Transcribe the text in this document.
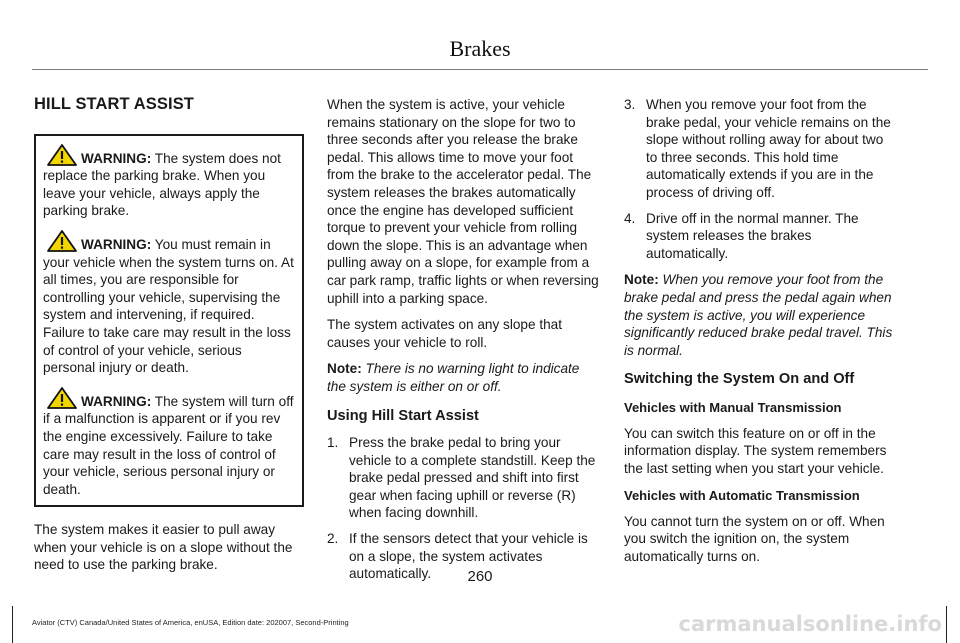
Brakes
HILL START ASSIST
WARNING: The system does not replace the parking brake. When you leave your vehicle, always apply the parking brake.
WARNING: You must remain in your vehicle when the system turns on. At all times, you are responsible for controlling your vehicle, supervising the system and intervening, if required. Failure to take care may result in the loss of control of your vehicle, serious personal injury or death.
WARNING: The system will turn off if a malfunction is apparent or if you rev the engine excessively. Failure to take care may result in the loss of control of your vehicle, serious personal injury or death.

The system makes it easier to pull away when your vehicle is on a slope without the need to use the parking brake.

When the system is active, your vehicle remains stationary on the slope for two to three seconds after you release the brake pedal. This allows time to move your foot from the brake to the accelerator pedal. The system releases the brakes automatically once the engine has developed sufficient torque to prevent your vehicle from rolling down the slope. This is an advantage when pulling away on a slope, for example from a car park ramp, traffic lights or when reversing uphill into a parking space.

The system activates on any slope that causes your vehicle to roll.

Note: There is no warning light to indicate the system is either on or off.

Using Hill Start Assist
1. Press the brake pedal to bring your vehicle to a complete standstill. Keep the brake pedal pressed and shift into first gear when facing uphill or reverse (R) when facing downhill.
2. If the sensors detect that your vehicle is on a slope, the system activates automatically.
3. When you remove your foot from the brake pedal, your vehicle remains on the slope without rolling away for about two to three seconds. This hold time automatically extends if you are in the process of driving off.
4. Drive off in the normal manner. The system releases the brakes automatically.

Note: When you remove your foot from the brake pedal and press the pedal again when the system is active, you will experience significantly reduced brake pedal travel. This is normal.

Switching the System On and Off
Vehicles with Manual Transmission

You can switch this feature on or off in the information display. The system remembers the last setting when you start your vehicle.

Vehicles with Automatic Transmission

You cannot turn the system on or off. When you switch the ignition on, the system automatically turns on.

260
Aviator (CTV) Canada/United States of America, enUSA, Edition date: 202007, Second-Printing	carmanualsonline.info
